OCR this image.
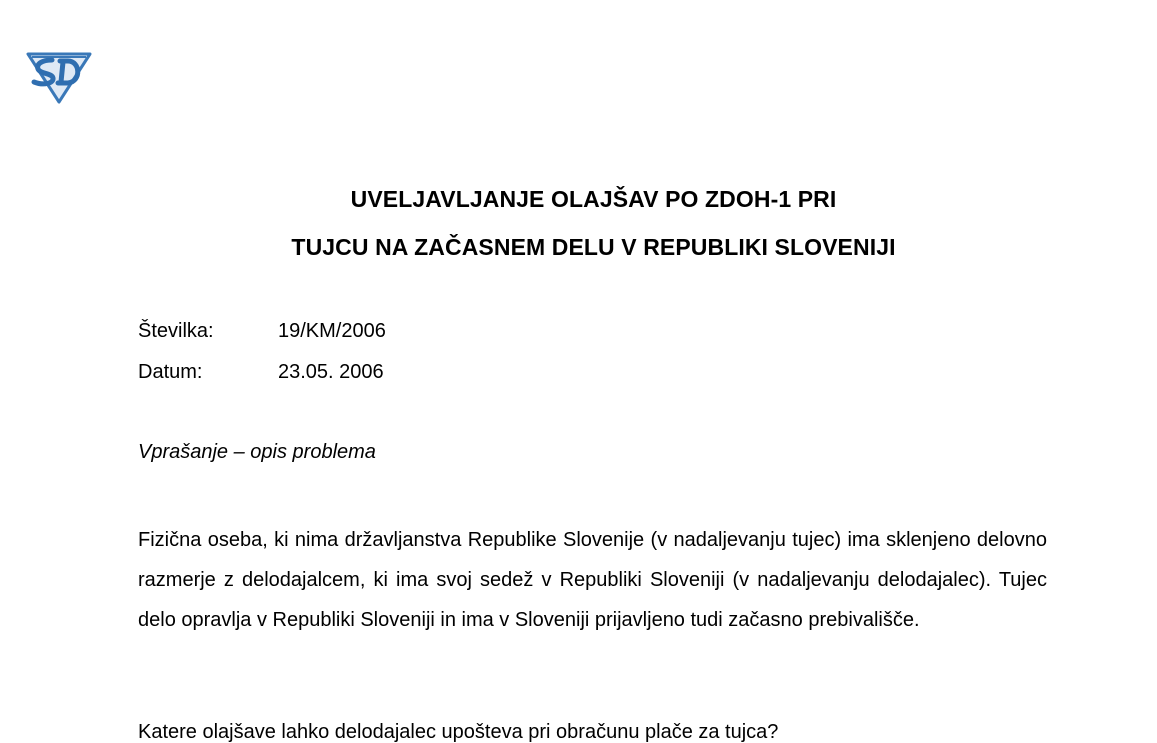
UVELJAVLJANJE OLAJŠAV PO ZDOH-1 PRI
TUJCU NA ZAČASNEM DELU V REPUBLIKI SLOVENIJI
Številka:	19/KM/2006
Datum:	23.05. 2006
Vprašanje – opis problema
Fizična oseba, ki nima državljanstva Republike Slovenije (v nadaljevanju tujec) ima sklenjeno delovno razmerje z delodajalcem, ki ima svoj sedež v Republiki Sloveniji (v nadaljevanju delodajalec). Tujec delo opravlja v Republiki Sloveniji in ima v Sloveniji prijavljeno tudi začasno prebivališče.
Katere olajšave lahko delodajalec upošteva pri obračunu plače za tujca?
